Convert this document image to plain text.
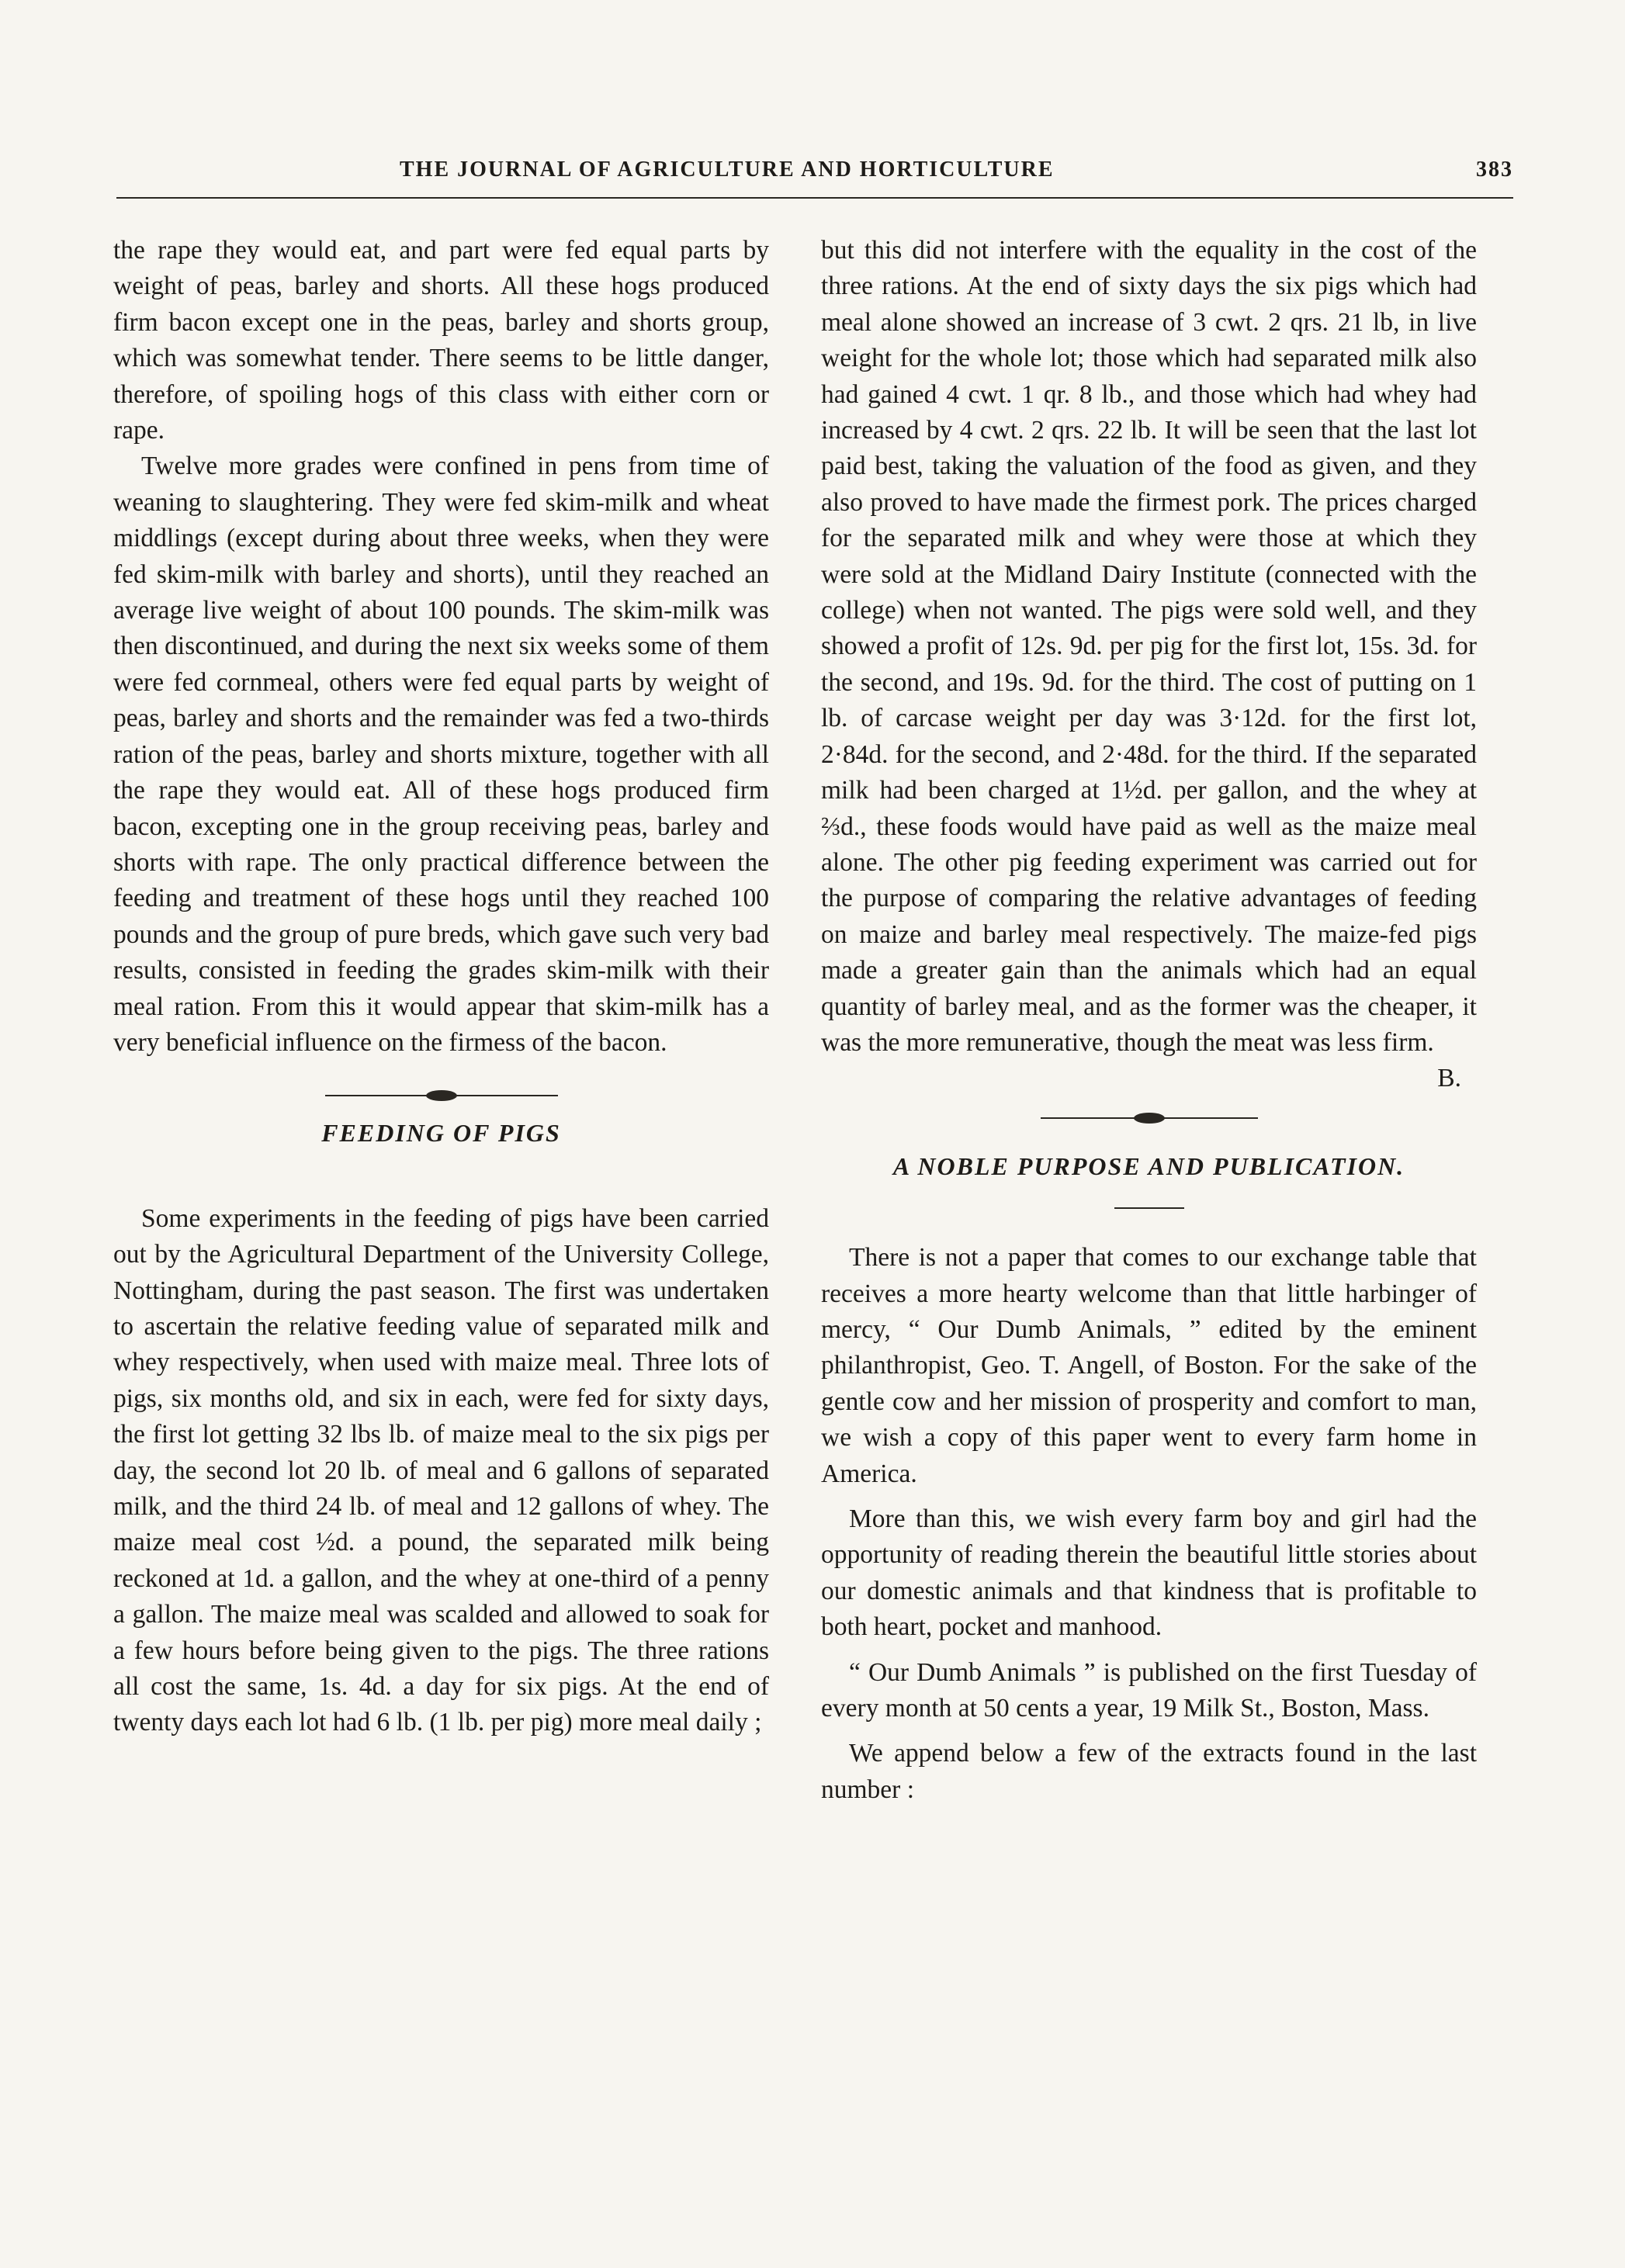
THE JOURNAL OF AGRICULTURE AND HORTICULTURE	383

the rape they would eat, and part were fed equal parts by weight of peas, barley and shorts. All these hogs produced firm bacon except one in the peas, barley and shorts group, which was somewhat tender. There seems to be little danger, therefore, of spoiling hogs of this class with either corn or rape.

Twelve more grades were confined in pens from time of weaning to slaughtering. They were fed skim-milk and wheat middlings (except during about three weeks, when they were fed skim-milk with barley and shorts), until they reached an average live weight of about 100 pounds. The skim-milk was then discontinued, and during the next six weeks some of them were fed cornmeal, others were fed equal parts by weight of peas, barley and shorts and the remainder was fed a two-thirds ration of the peas, barley and shorts mixture, together with all the rape they would eat. All of these hogs produced firm bacon, excepting one in the group receiving peas, barley and shorts with rape. The only practical difference between the feeding and treatment of these hogs until they reached 100 pounds and the group of pure breds, which gave such very bad results, consisted in feeding the grades skim-milk with their meal ration. From this it would appear that skim-milk has a very beneficial influence on the firmess of the bacon.

FEEDING OF PIGS

Some experiments in the feeding of pigs have been carried out by the Agricultural Department of the University College, Nottingham, during the past season. The first was undertaken to ascertain the relative feeding value of separated milk and whey respectively, when used with maize meal. Three lots of pigs, six months old, and six in each, were fed for sixty days, the first lot getting 32 lbs lb. of maize meal to the six pigs per day, the second lot 20 lb. of meal and 6 gallons of separated milk, and the third 24 lb. of meal and 12 gallons of whey. The maize meal cost ½d. a pound, the separated milk being reckoned at 1d. a gallon, and the whey at one-third of a penny a gallon. The maize meal was scalded and allowed to soak for a few hours before being given to the pigs. The three rations all cost the same, 1s. 4d. a day for six pigs. At the end of twenty days each lot had 6 lb. (1 lb. per pig) more meal daily ;

but this did not interfere with the equality in the cost of the three rations. At the end of sixty days the six pigs which had meal alone showed an increase of 3 cwt. 2 qrs. 21 lb, in live weight for the whole lot; those which had separated milk also had gained 4 cwt. 1 qr. 8 lb., and those which had whey had increased by 4 cwt. 2 qrs. 22 lb. It will be seen that the last lot paid best, taking the valuation of the food as given, and they also proved to have made the firmest pork. The prices charged for the separated milk and whey were those at which they were sold at the Midland Dairy Institute (connected with the college) when not wanted. The pigs were sold well, and they showed a profit of 12s. 9d. per pig for the first lot, 15s. 3d. for the second, and 19s. 9d. for the third. The cost of putting on 1 lb. of carcase weight per day was 3·12d. for the first lot, 2·84d. for the second, and 2·48d. for the third. If the separated milk had been charged at 1½d. per gallon, and the whey at ⅔d., these foods would have paid as well as the maize meal alone. The other pig feeding experiment was carried out for the purpose of comparing the relative advantages of feeding on maize and barley meal respectively. The maize-fed pigs made a greater gain than the animals which had an equal quantity of barley meal, and as the former was the cheaper, it was the more remunerative, though the meat was less firm.

B.

A NOBLE PURPOSE AND PUBLICATION.

There is not a paper that comes to our exchange table that receives a more hearty welcome than that little harbinger of mercy, “ Our Dumb Animals, ” edited by the eminent philanthropist, Geo. T. Angell, of Boston. For the sake of the gentle cow and her mission of prosperity and comfort to man, we wish a copy of this paper went to every farm home in America.

More than this, we wish every farm boy and girl had the opportunity of reading therein the beautiful little stories about our domestic animals and that kindness that is profitable to both heart, pocket and manhood.

“ Our Dumb Animals ” is published on the first Tuesday of every month at 50 cents a year, 19 Milk St., Boston, Mass.

We append below a few of the extracts found in the last number :
